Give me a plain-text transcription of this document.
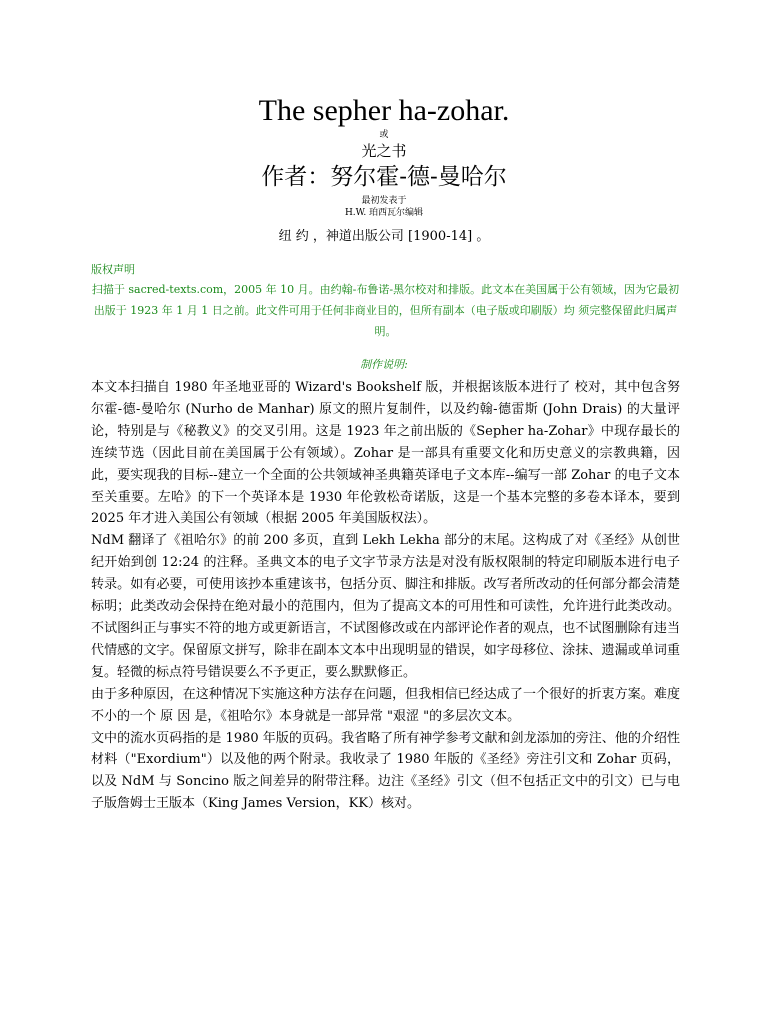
The sepher ha-zohar.
或
光之书
作者：努尔霍-德-曼哈尔
最初发表于
H.W. 珀西瓦尔编辑
纽 约 ，神道出版公司 [1900-14] 。
版权声明
扫描于 sacred-texts.com，2005 年 10 月。由约翰-布鲁诺-黑尔校对和排版。此文本在美国属于公有领域，因为它最初出版于 1923 年 1 月 1 日之前。此文件可用于任何非商业目的，但所有副本（电子版或印刷版）均 须完整保留此归属声明。
制作说明:

本文本扫描自 1980 年圣地亚哥的 Wizard's Bookshelf 版，并根据该版本进行了 校对，其中包含努尔霍-德-曼哈尔 (Nurho de Manhar) 原文的照片复制件，以及约翰-德雷斯 (John Drais) 的大量评论，特别是与《秘教义》的交叉引用。这是 1923 年之前出版的《Sepher ha-Zohar》中现存最长的连续节选（因此目前在美国属于公有领域）。Zohar 是一部具有重要文化和历史意义的宗教典籍，因此，要实现我的目标--建立一个全面的公共领域神圣典籍英译电子文本库--编写一部 Zohar 的电子文本至关重要。左哈》的下一个英译本是 1930 年伦敦松奇诺版，这是一个基本完整的多卷本译本，要到 2025 年才进入美国公有领域（根据 2005 年美国版权法）。

NdM 翻译了《祖哈尔》的前 200 多页，直到 Lekh Lekha 部分的末尾。这构成了对《圣经》从创世纪开始到创 12:24 的注释。圣典文本的电子文字节录方法是对没有版权限制的特定印刷版本进行电子转录。如有必要，可使用该抄本重建该书，包括分页、脚注和排版。改写者所改动的任何部分都会清楚标明；此类改动会保持在绝对最小的范围内，但为了提高文本的可用性和可读性，允许进行此类改动。不试图纠正与事实不符的地方或更新语言，不试图修改或在内部评论作者的观点，也不试图删除有违当代情感的文字。保留原文拼写，除非在副本文本中出现明显的错误，如字母移位、涂抹、遗漏或单词重复。轻微的标点符号错误要么不予更正，要么默默修正。

由于多种原因，在这种情况下实施这种方法存在问题，但我相信已经达成了一个很好的折衷方案。难度不小的一个 原 因 是，《祖哈尔》本身就是一部异常 "艰涩 "的多层次文本。

文中的流水页码指的是 1980 年版的页码。我省略了所有神学参考文献和剑龙添加的旁注、他的介绍性材料（"Exordium"）以及他的两个附录。我收录了 1980 年版的《圣经》旁注引文和 Zohar 页码，以及 NdM 与 Soncino 版之间差异的附带注释。边注《圣经》引文（但不包括正文中的引文）已与电子版詹姆士王版本（King James Version，KK）核对。
